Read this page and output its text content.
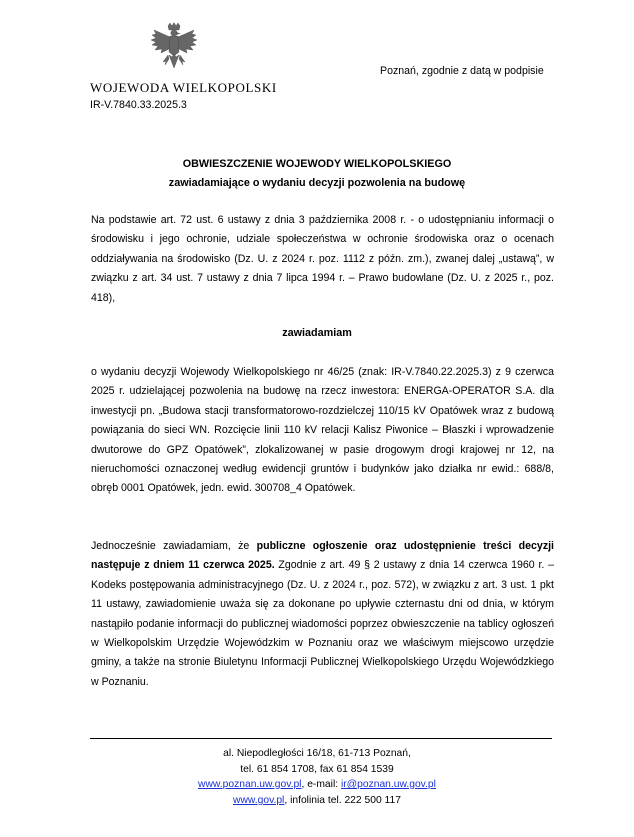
WOJEWODA WIELKOPOLSKI
IR-V.7840.33.2025.3
Poznań, zgodnie z datą w podpisie
OBWIESZCZENIE WOJEWODY WIELKOPOLSKIEGO
zawiadamiające o wydaniu decyzji pozwolenia na budowę

Na podstawie art. 72 ust. 6 ustawy z dnia 3 października 2008 r. - o udostępnianiu informacji o środowisku i jego ochronie, udziale społeczeństwa w ochronie środowiska oraz o ocenach oddziaływania na środowisko (Dz. U. z 2024 r. poz. 1112 z późn. zm.), zwanej dalej „ustawą”, w związku z art. 34 ust. 7 ustawy z dnia 7 lipca 1994 r. – Prawo budowlane (Dz. U. z 2025 r., poz. 418),

zawiadamiam

o wydaniu decyzji Wojewody Wielkopolskiego nr 46/25 (znak: IR-V.7840.22.2025.3) z 9 czerwca 2025 r. udzielającej pozwolenia na budowę na rzecz inwestora: ENERGA-OPERATOR S.A. dla inwestycji pn. „Budowa stacji transformatorowo-rozdzielczej 110/15 kV Opatówek wraz z budową powiązania do sieci WN. Rozcięcie linii 110 kV relacji Kalisz Piwonice – Błaszki i wprowadzenie dwutorowe do GPZ Opatówek”, zlokalizowanej w pasie drogowym drogi krajowej nr 12, na nieruchomości oznaczonej według ewidencji gruntów i budynków jako działka nr ewid.: 688/8, obręb 0001 Opatówek, jedn. ewid. 300708_4 Opatówek.

Jednocześnie zawiadamiam, że publiczne ogłoszenie oraz udostępnienie treści decyzji następuje z dniem 11 czerwca 2025. Zgodnie z art. 49 § 2 ustawy z dnia 14 czerwca 1960 r. – Kodeks postępowania administracyjnego (Dz. U. z 2024 r., poz. 572), w związku z art. 3 ust. 1 pkt 11 ustawy, zawiadomienie uważa się za dokonane po upływie czternastu dni od dnia, w którym nastąpiło podanie informacji do publicznej wiadomości poprzez obwieszczenie na tablicy ogłoszeń w Wielkopolskim Urzędzie Wojewódzkim w Poznaniu oraz we właściwym miejscowo urzędzie gminy, a także na stronie Biuletynu Informacji Publicznej Wielkopolskiego Urzędu Wojewódzkiego w Poznaniu.

al. Niepodległości 16/18, 61-713 Poznań,
tel. 61 854 1708, fax 61 854 1539
www.poznan.uw.gov.pl, e-mail: ir@poznan.uw.gov.pl
www.gov.pl, infolinia tel. 222 500 117
